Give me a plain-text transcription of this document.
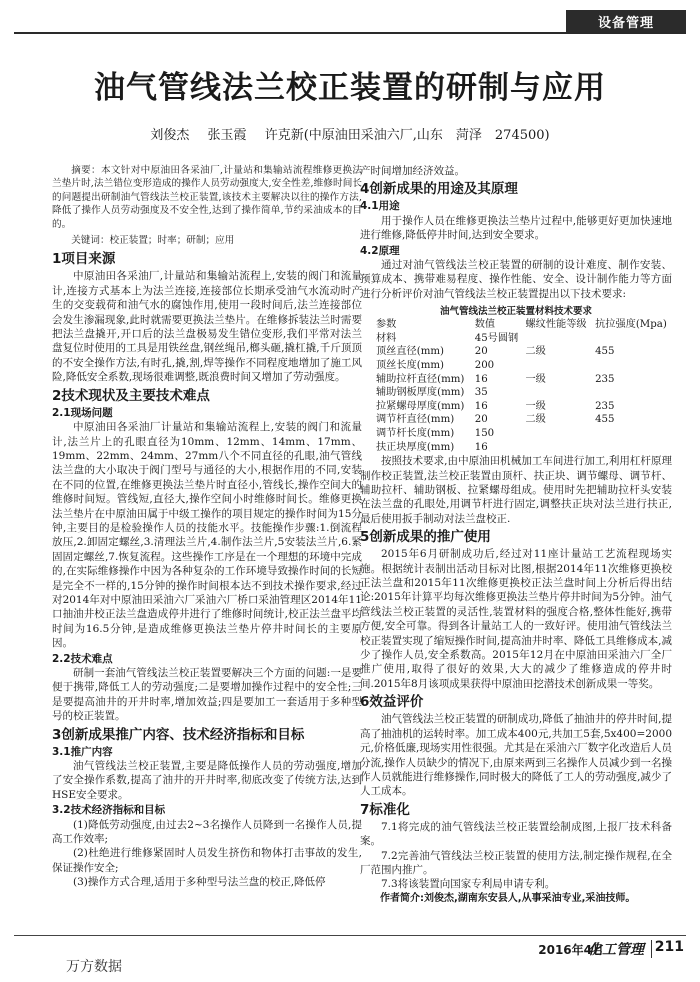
设备管理
油气管线法兰校正装置的研制与应用
刘俊杰 张玉霞 许克新(中原油田采油六厂,山东　菏泽　274500)

摘要：本文针对中原油田各采油厂,计量站和集输站流程维修更换法兰垫片时,法兰错位变形造成的操作人员劳动强度大,安全性差,维修时间长的问题提出研制油气管线法兰校正装置,该技术主要解决以往的操作方法,降低了操作人员劳动强度及不安全性,达到了操作简单,节约采油成本的目的。

关键词：校正装置；时率；研制；应用

1项目来源

中原油田各采油厂,计量站和集输站流程上,安装的阀门和流量计,连接方式基本上为法兰连接,连接部位长期承受油气水流动时产生的交变载荷和油气水的腐蚀作用,使用一段时间后,法兰连接部位会发生渗漏现象,此时就需要更换法兰垫片。在维修拆装法兰时需要把法兰盘撬开,开口后的法兰盘极易发生错位变形,我们平常对法兰盘复位时使用的工具是用铁丝盘,钢丝绳吊,榔头砸,撬杠撬,千斤顶顶的不安全操作方法,有时孔,撬,割,焊等操作不同程度地增加了施工风险,降低安全系数,现场很难调整,既浪费时间又增加了劳动强度。

2技术现状及主要技术难点
2.1现场问题

中原油田各采油厂计量站和集输站流程上,安装的阀门和流量计,法兰片上的孔眼直径为10mm、12mm、14mm、17mm、19mm、22mm、24mm、27mm八个不同直径的孔眼,油气管线法兰盘的大小取决于阀门型号与通径的大小,根据作用的不同,安装在不同的位置,在维修更换法兰垫片时直径小,管线长,操作空间大的维修时间短。管线短,直径大,操作空间小时维修时间长。维修更换法兰垫片在中原油田属于中级工操作的项目规定的操作时间为15分钟,主要目的是检验操作人员的技能水平。技能操作步骤:1.倒流程放压,2.卸固定螺丝,3.清理法兰片,4.制作法兰片,5安装法兰片,6.紧固固定螺丝,7.恢复流程。这些操作工序是在一个理想的环境中完成的,在实际维修操作中因为各种复杂的工作环境导致操作时间的长短是完全不一样的,15分钟的操作时间根本达不到技术操作要求,经过对2014年对中原油田采油六厂采油六厂桥口采油管理区2014年11口抽油井校正法兰盘造成停井进行了维修时间统计,校正法兰盘平均时间为16.5分钟,是造成维修更换法兰垫片停井时间长的主要原因。

2.2技术难点

研制一套油气管线法兰校正装置要解决三个方面的问题:一是要便于携带,降低工人的劳动强度;二是要增加操作过程中的安全性;三是要提高油井的开井时率,增加效益;四是要加工一套适用于多种型号的校正装置。

3创新成果推广内容、技术经济指标和目标
3.1推广内容

油气管线法兰校正装置,主要是降低操作人员的劳动强度,增加了安全操作系数,提高了油井的开井时率,彻底改变了传统方法,达到HSE安全要求。

3.2技术经济指标和目标

(1)降低劳动强度,由过去2~3名操作人员降到一名操作人员,提高工作效率;

(2)杜绝进行维修紧固时人员发生挤伤和物体打击事故的发生,保证操作安全;

(3)操作方式合理,适用于多种型号法兰盘的校正,降低停

产时间增加经济效益。

4创新成果的用途及其原理
4.1用途

用于操作人员在维修更换法兰垫片过程中,能够更好更加快速地进行维修,降低停井时间,达到安全要求。

4.2原理

通过对油气管线法兰校正装置的研制的设计难度、制作安装、预算成本、携带难易程度、操作性能、安全、设计制作能力等方面进行分析评价对油气管线法兰校正装置提出以下技术要求:

油气管线法兰校正装置材料技术要求
参数	数值	螺纹性能等级	抗拉强度(Mpa)
材料	45号圆钢		
顶丝直径(mm)	20	二级	455
顶丝长度(mm)	200		
辅助拉杆直径(mm)	16	一级	235
辅助钢板厚度(mm)	35		
拉紧螺母厚度(mm)	16	一级	235
调节杆直径(mm)	20	二级	455
调节杆长度(mm)	150		
扶正块厚度(mm)	16		

按照技术要求,由中原油田机械加工车间进行加工,利用杠杆原理制作校正装置,法兰校正装置由顶杆、扶正块、调节螺母、调节杆、辅助拉杆、辅助钢板、拉紧螺母组成。使用时先把辅助拉杆头安装在法兰盘的孔眼处,用调节杆进行固定,调整扶正块对法兰进行扶正,最后使用扳手制动对法兰盘校正.

5创新成果的推广使用

2015年6月研制成功后,经过对11座计量站工艺流程现场实施。根据统计表制出活动目标对比图,根据2014年11次维修更换校正法兰盘和2015年11次维修更换校正法兰盘时间上分析后得出结论:2015年计算平均每次维修更换法兰垫片停井时间为5分钟。油气管线法兰校正装置的灵活性,装置材料的强度合格,整体性能好,携带方便,安全可靠。得到各计量站工人的一致好评。使用油气管线法兰校正装置实现了缩短操作时间,提高油井时率、降低工具维修成本,减少了操作人员,安全系数高。2015年12月在中原油田采油六厂全厂推广使用,取得了很好的效果,大大的减少了维修造成的停井时间.2015年8月该项成果获得中原油田挖潜技术创新成果一等奖。

6效益评价

油气管线法兰校正装置的研制成功,降低了抽油井的停井时间,提高了抽油机的运转时率。加工成本400元,共加工5套,5x400=2000元,价格低廉,现场实用性很强。尤其是在采油六厂数字化改造后人员分流,操作人员缺少的情况下,由原来两到三名操作人员减少到一名操作人员就能进行维修操作,同时极大的降低了工人的劳动强度,减少了人工成本。

7标准化

7.1将完成的油气管线法兰校正装置绘制成图,上报厂技术科备案。

7.2完善油气管线法兰校正装置的使用方法,制定操作规程,在全厂范围内推广。

7.3将该装置向国家专利局申请专利。

作者简介:刘俊杰,湖南东安县人,从事采油专业,采油技师。

2016年4月
化工管理 211
万方数据
